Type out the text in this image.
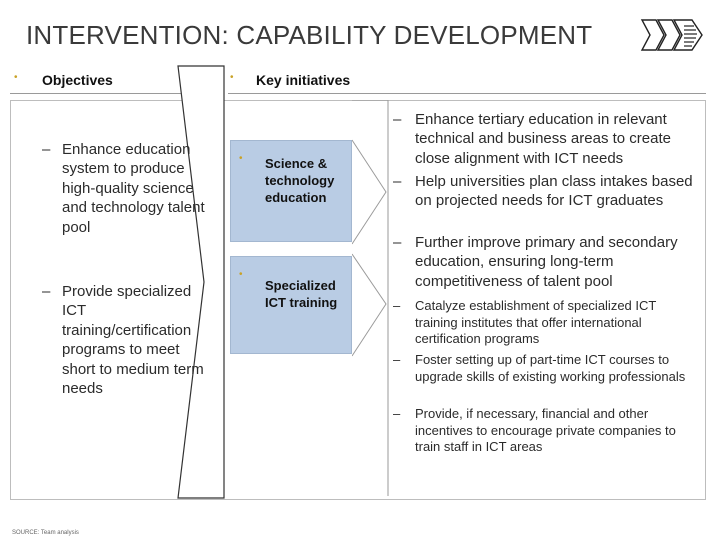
INTERVENTION: CAPABILITY DEVELOPMENT
• Objectives	• Key initiatives
– Enhance education system to produce high-quality science and technology talent pool
– Provide specialized ICT training/certification programs to meet short to medium term needs
• Science & technology education
•
Specialized ICT training
– Enhance tertiary education in relevant technical and business areas to create close alignment with ICT needs
– Help universities plan class intakes based on projected needs for ICT graduates
– Further improve primary and secondary education, ensuring long-term competitiveness of talent pool
– Catalyze establishment of specialized ICT training institutes that offer international certification programs
– Foster setting up of part-time ICT courses to upgrade skills of existing working professionals
– Provide, if necessary, financial and other incentives to encourage private companies to train staff in ICT areas
SOURCE: Team analysis
